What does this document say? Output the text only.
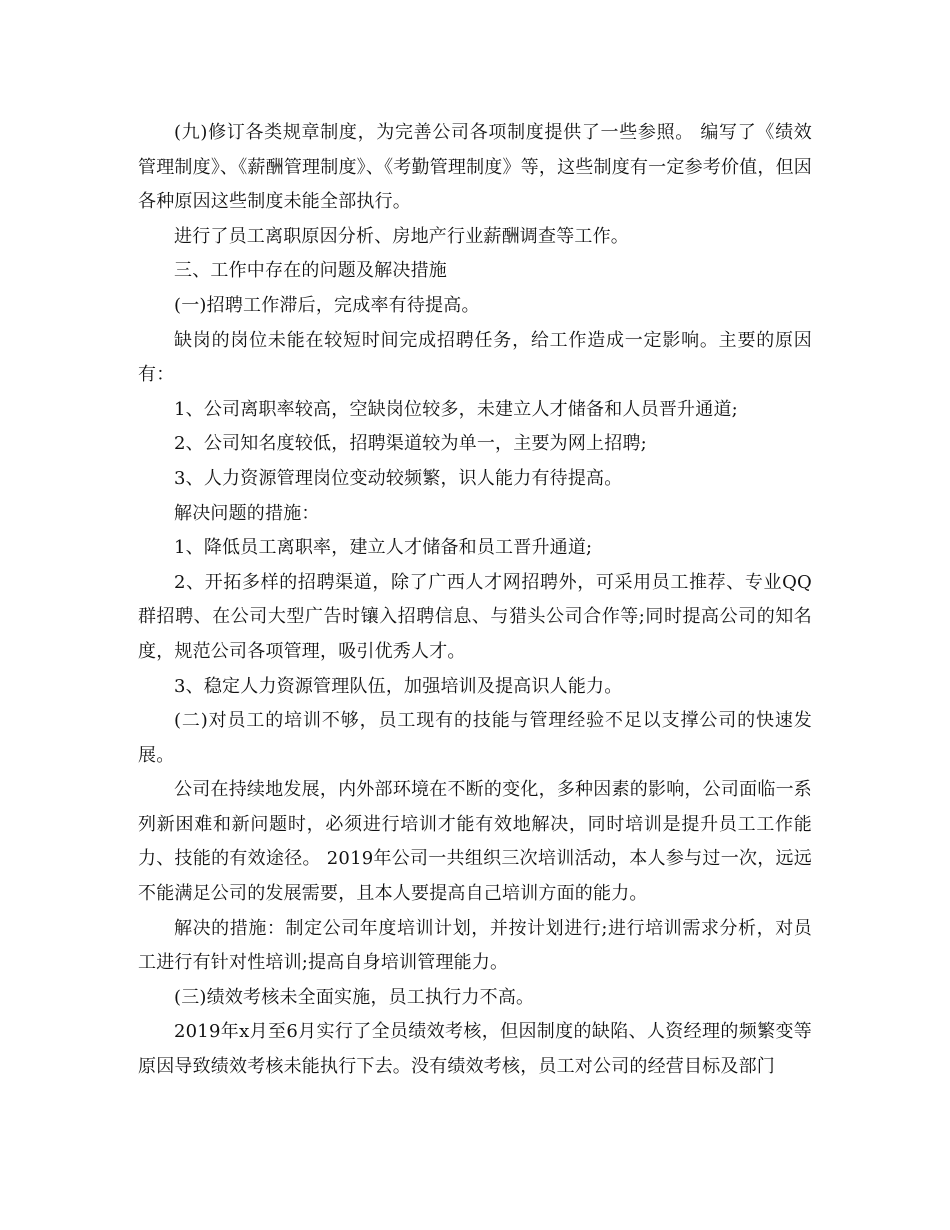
(九)修订各类规章制度，为完善公司各项制度提供了一些参照。 编写了《绩效管理制度》、《薪酬管理制度》、《考勤管理制度》等，这些制度有一定参考价值，但因各种原因这些制度未能全部执行。

进行了员工离职原因分析、房地产行业薪酬调查等工作。

三、工作中存在的问题及解决措施

(一)招聘工作滞后，完成率有待提高。

缺岗的岗位未能在较短时间完成招聘任务，给工作造成一定影响。主要的原因有：

1、公司离职率较高，空缺岗位较多，未建立人才储备和人员晋升通道;

2、公司知名度较低，招聘渠道较为单一，主要为网上招聘;

3、人力资源管理岗位变动较频繁，识人能力有待提高。

解决问题的措施：

1、降低员工离职率，建立人才储备和员工晋升通道;

2、开拓多样的招聘渠道，除了广西人才网招聘外，可采用员工推荐、专业QQ群招聘、在公司大型广告时镶入招聘信息、与猎头公司合作等;同时提高公司的知名度，规范公司各项管理，吸引优秀人才。

3、稳定人力资源管理队伍，加强培训及提高识人能力。

(二)对员工的培训不够，员工现有的技能与管理经验不足以支撑公司的快速发展。

公司在持续地发展，内外部环境在不断的变化，多种因素的影响，公司面临一系列新困难和新问题时，必须进行培训才能有效地解决，同时培训是提升员工工作能力、技能的有效途径。 2019年公司一共组织三次培训活动，本人参与过一次，远远不能满足公司的发展需要，且本人要提高自己培训方面的能力。

解决的措施：制定公司年度培训计划，并按计划进行;进行培训需求分析，对员工进行有针对性培训;提高自身培训管理能力。

(三)绩效考核未全面实施，员工执行力不高。

2019年x月至6月实行了全员绩效考核，但因制度的缺陷、人资经理的频繁变等原因导致绩效考核未能执行下去。没有绩效考核，员工对公司的经营目标及部门
